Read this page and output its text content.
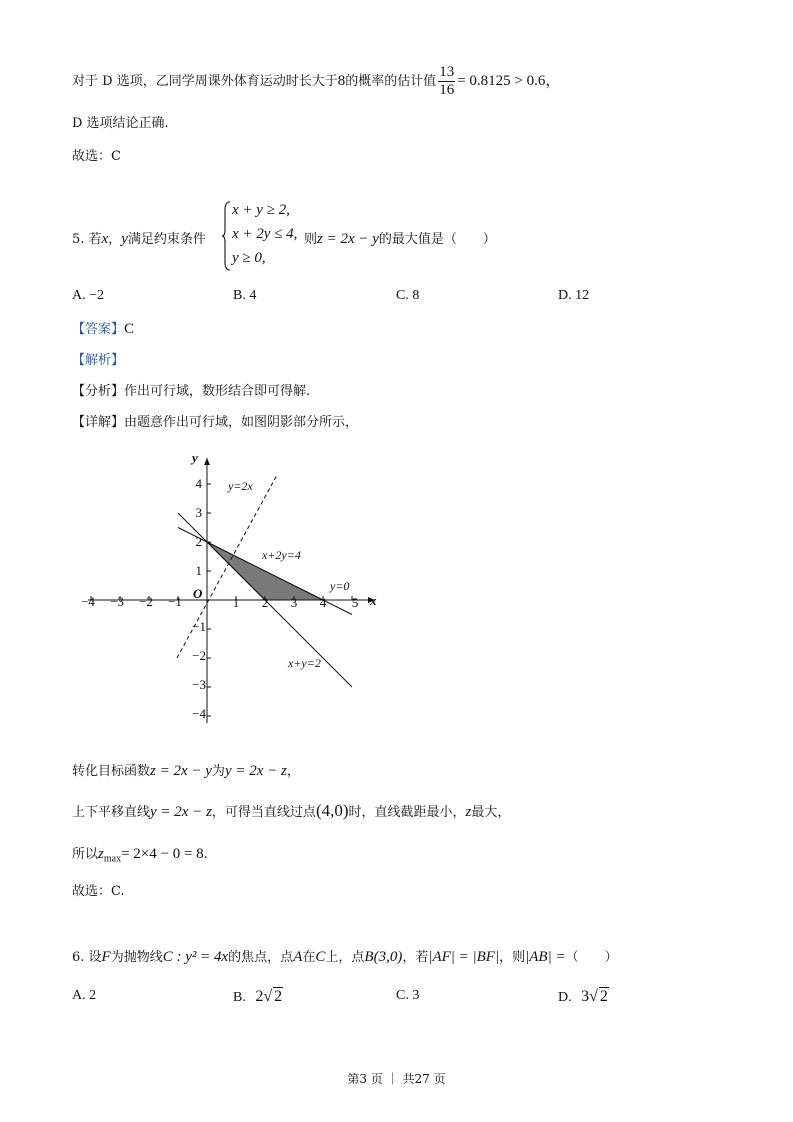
对于 D 选项，乙同学周课外体育运动时长大于8的概率的估计值 $\frac{13}{16} = 0.8125 > 0.6$，
D 选项结论正确.
故选：C
5. 若x，y满足约束条件
x + y ≥ 2,
x + 2y ≤ 4,
y ≥ 0,
则z = 2x − y的最大值是（　　）
A. −2	B. 4	C. 8	D. 12
【答案】C
【解析】
【分析】作出可行域，数形结合即可得解.
【详解】由题意作出可行域，如图阴影部分所示，
−4 −3 −2 −1	1 2 3 4 5
4
3
2
1
−1
−2
−3
−4
O	x
y
y=2x
x+2y=4
y=0
x+y=2
转化目标函数z = 2x − y为y = 2x − z，
上下平移直线y = 2x − z，可得当直线过点(4,0)时，直线截距最小，z最大，
所以$z_{max}= 2\times 4 - 0 = 8$.
故选：C.
6. 设F为抛物线C : y² = 4x的焦点，点A在C上，点B(3,0)，若|AF| = |BF|，则|AB| =（　　）
A. 2	B. 2√ 2	C. 3	D. 3√ 2
第3 页 ｜ 共27 页
